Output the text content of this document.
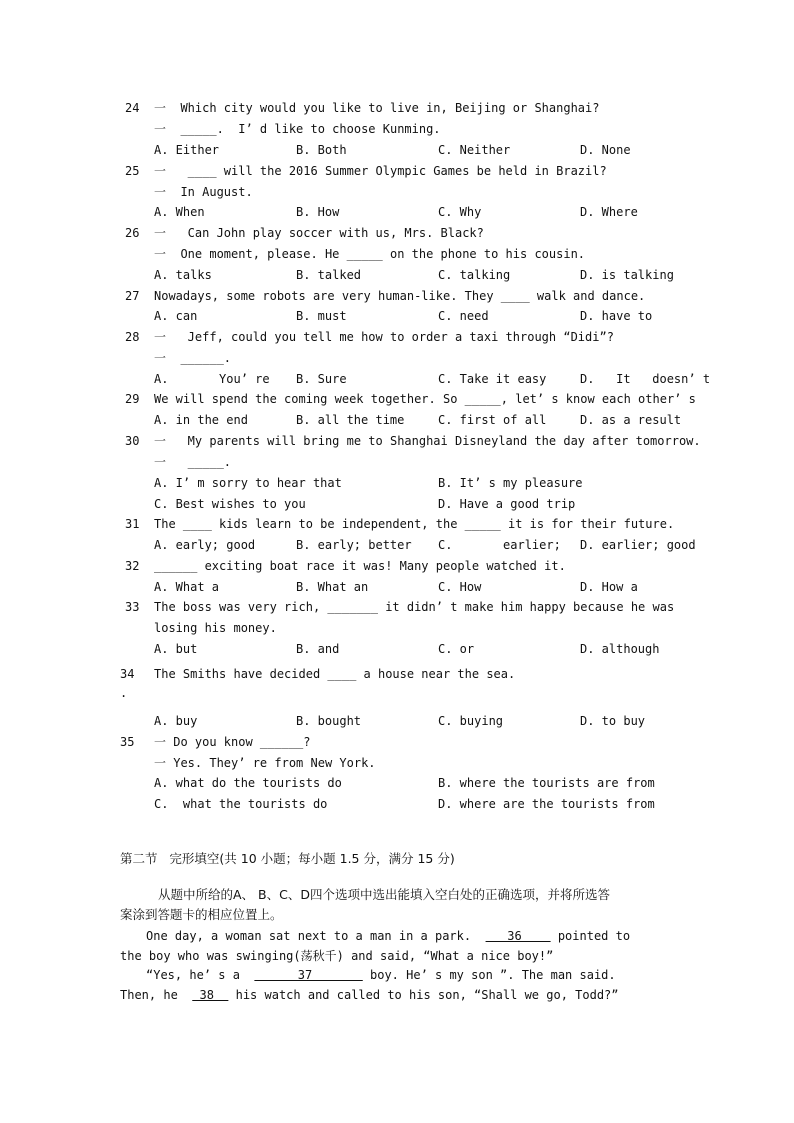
24 一  Which city would you like to live in, Beijing or Shanghai?
一  _____.  I’ d like to choose Kunming.
A. Either	B. Both	C. Neither	D. None
25 一   ____ will the 2016 Summer Olympic Games be held in Brazil?
一  In August.
A. When	B. How	C. Why	D. Where
26 一   Can John play soccer with us, Mrs. Black?
一  One moment, please. He _____ on the phone to his cousin.
A. talks	B. talked	C. talking	D. is talking
27 Nowadays, some robots are very human-like. They ____ walk and dance.
A. can	B. must	C. need	D. have to
28 一   Jeff, could you tell me how to order a taxi through “Didi”?
一  ______.
A.       You’ re B. Sure	C. Take it easy	D.   It   doesn’ t
29 We will spend the coming week together. So _____, let’ s know each other’ s
A. in the end	B. all the time	C. first of all	D. as a result
30 一   My parents will bring me to Shanghai Disneyland the day after tomorrow.
一   _____.
A. I’ m sorry to hear that	B. It’ s my pleasure
C. Best wishes to you	D. Have a good trip
31 The ____ kids learn to be independent, the _____ it is for their future.
A. early; good	B. early; better C.       earlier; D. earlier; good
32 ______ exciting boat race it was! Many people watched it.
A. What a	B. What an	C. How	D. How a
33 The boss was very rich, _______ it didn’ t make him happy because he was
losing his money.
A. but	B. and	C. or	D. although
34 The Smiths have decided ____ a house near the sea.
.
A. buy	B. bought	C. buying	D. to buy
35 一 Do you know ______?
一 Yes. They’ re from New York.
A. what do the tourists do	B. where the tourists are from
C.  what the tourists do	D. where are the tourists from
第二节   完形填空(共 10 小题；每小题 1.5 分，满分 15 分)
从题中所给的A、 B、C、D四个选项中选出能填入空白处的正确选项，并将所选答
案涂到答题卡的相应位置上。
One day, a woman sat next to a man in a park.     36     pointed to
the boy who was swinging(荡秋千) and said, “What a nice boy!”
“Yes, he’ s a        37        boy. He’ s my son ”. The man said.
Then, he   38   his watch and called to his son, “Shall we go, Todd?”
